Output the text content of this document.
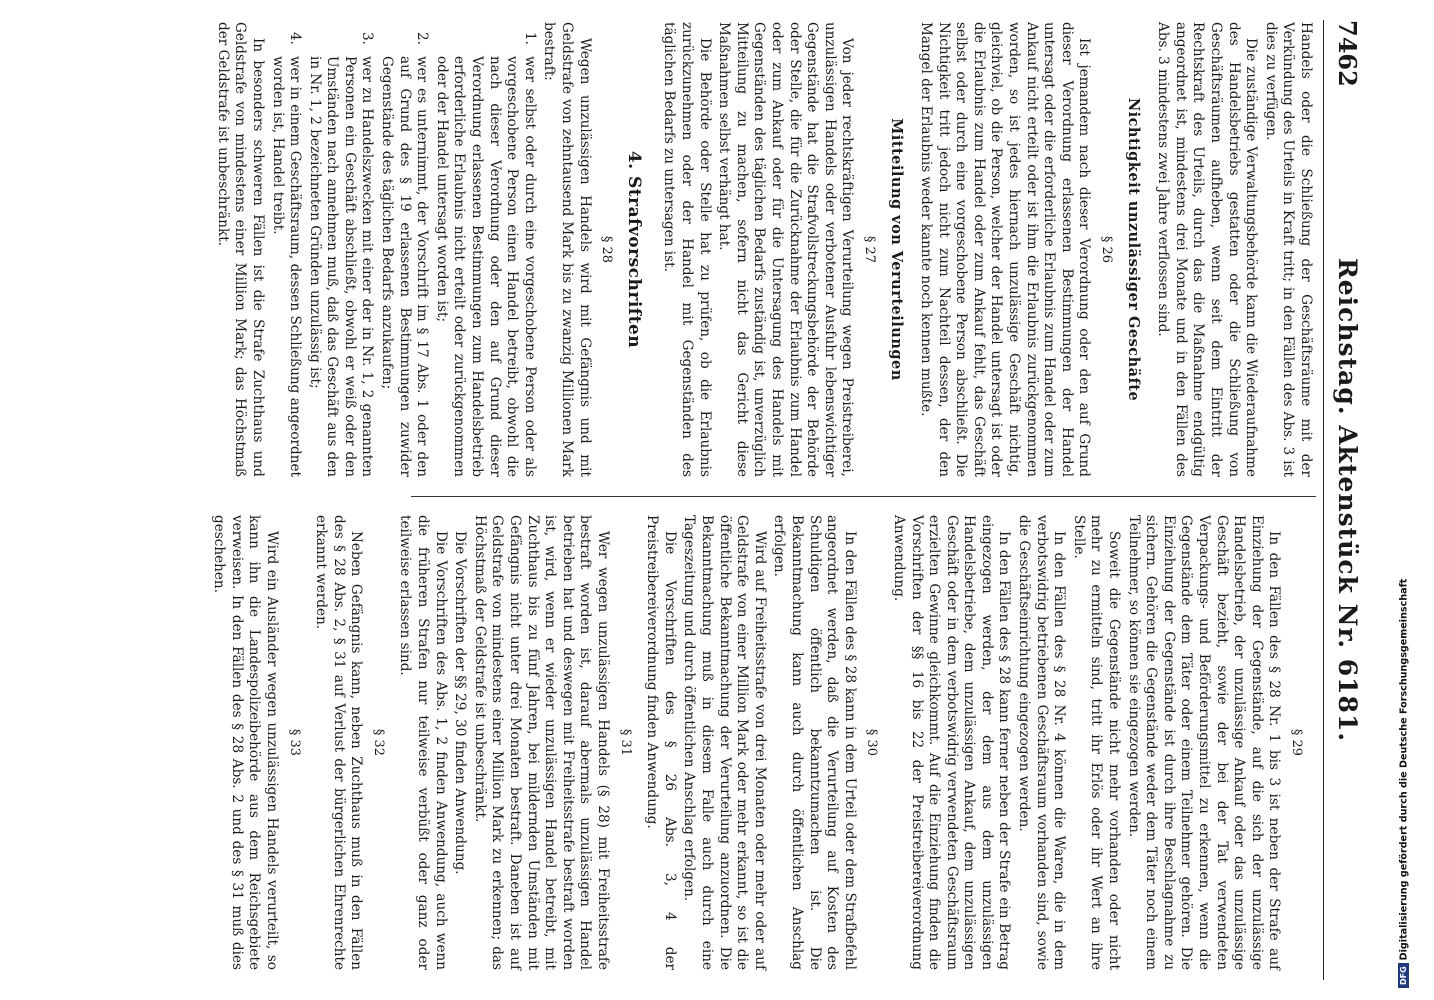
7462
Reichstag. Aktenstück Nr. 6181.

Handels oder die Schließung der Geschäftsräume mit der Verkündung des Urteils in Kraft tritt; in den Fällen des Abs. 3 ist dies zu verfügen.

Die zuständige Verwaltungsbehörde kann die Wiederaufnahme des Handelsbetriebs gestatten oder die Schließung von Geschäftsräumen aufheben, wenn seit dem Eintritt der Rechtskraft des Urteils, durch das die Maßnahme endgültig angeordnet ist, mindestens drei Monate und in den Fällen des Abs. 3 mindestens zwei Jahre verflossen sind.

Nichtigkeit unzulässiger Geschäfte
§ 26

Ist jemandem nach dieser Verordnung oder den auf Grund dieser Verordnung erlassenen Bestimmungen der Handel untersagt oder die erforderliche Erlaubnis zum Handel oder zum Ankauf nicht erteilt oder ist ihm die Erlaubnis zurückgenommen worden, so ist jedes hiernach unzulässige Geschäft nichtig, gleichviel, ob die Person, welcher der Handel untersagt ist oder die Erlaubnis zum Handel oder zum Ankauf fehlt, das Geschäft selbst oder durch eine vorgeschobene Person abschließt. Die Nichtigkeit tritt jedoch nicht zum Nachteil dessen, der den Mangel der Erlaubnis weder kannte noch kennen mußte.

Mitteilung von Verurteilungen
§ 27

Von jeder rechtskräftigen Verurteilung wegen Preistreiberei, unzulässigen Handels oder verbotener Ausfuhr lebenswichtiger Gegenstände hat die Strafvollstreckungsbehörde der Behörde oder Stelle, die für die Zurücknahme der Erlaubnis zum Handel oder zum Ankauf oder für die Untersagung des Handels mit Gegenständen des täglichen Bedarfs zuständig ist, unverzüglich Mitteilung zu machen, sofern nicht das Gericht diese Maßnahmen selbst verhängt hat.

Die Behörde oder Stelle hat zu prüfen, ob die Erlaubnis zurückzunehmen oder der Handel mit Gegenständen des täglichen Bedarfs zu untersagen ist.

4. Strafvorschriften
§ 28

Wegen unzulässigen Handels wird mit Gefängnis und mit Geldstrafe von zehntausend Mark bis zu zwanzig Millionen Mark bestraft:

1.
wer selbst oder durch eine vorgeschobene Person oder als vorgeschobene Person einen Handel betreibt, obwohl die nach dieser Verordnung oder den auf Grund dieser Verordnung erlassenen Bestimmungen zum Handelsbetrieb erforderliche Erlaubnis nicht erteilt oder zurückgenommen oder der Handel untersagt worden ist;
2.
wer es unternimmt, der Vorschrift im § 17 Abs. 1 oder den auf Grund des § 19 erlassenen Bestimmungen zuwider Gegenstände des täglichen Bedarfs anzukaufen;
3.
wer zu Handelszwecken mit einer der in Nr. 1, 2 genannten Personen ein Geschäft abschließt, obwohl er weiß oder den Umständen nach annehmen muß, daß das Geschäft aus den in Nr. 1, 2 bezeichneten Gründen unzulässig ist;
4.
wer in einem Geschäftsraum, dessen Schließung angeordnet worden ist, Handel treibt.

In besonders schweren Fällen ist die Strafe Zuchthaus und Geldstrafe von mindestens einer Million Mark; das Höchstmaß der Geldstrafe ist unbeschränkt.

§ 29

In den Fällen des § 28 Nr. 1 bis 3 ist neben der Strafe auf Einziehung der Gegenstände, auf die sich der unzulässige Handelsbetrieb, der unzulässige Ankauf oder das unzulässige Geschäft bezieht, sowie der bei der Tat verwendeten Verpackungs- und Beförderungsmittel zu erkennen, wenn die Gegenstände dem Täter oder einem Teilnehmer gehören. Die Einziehung der Gegenstände ist durch ihre Beschlagnahme zu sichern. Gehören die Gegenstände weder dem Täter noch einem Teilnehmer, so können sie eingezogen werden.

Soweit die Gegenstände nicht mehr vorhanden oder nicht mehr zu ermitteln sind, tritt ihr Erlös oder ihr Wert an ihre Stelle.

In den Fällen des § 28 Nr. 4 können die Waren, die in dem verbotswidrig betriebenen Geschäftsraum vorhanden sind, sowie die Geschäftseinrichtung eingezogen werden.

In den Fällen des § 28 kann ferner neben der Strafe ein Betrag eingezogen werden, der dem aus dem unzulässigen Handelsbetriebe, dem unzulässigen Ankauf, dem unzulässigen Geschäft oder in dem verbotswidrig verwendeten Geschäftsraum erzielten Gewinne gleichkommt. Auf die Einziehung finden die Vorschriften der §§ 16 bis 22 der Preistreibereiverordnung Anwendung.

§ 30

In den Fällen des § 28 kann in dem Urteil oder dem Strafbefehl angeordnet werden, daß die Verurteilung auf Kosten des Schuldigen öffentlich bekanntzumachen ist. Die Bekanntmachung kann auch durch öffentlichen Anschlag erfolgen.

Wird auf Freiheitsstrafe von drei Monaten oder mehr oder auf Geldstrafe von einer Million Mark oder mehr erkannt, so ist die öffentliche Bekanntmachung der Verurteilung anzuordnen. Die Bekanntmachung muß in diesem Falle auch durch eine Tageszeitung und durch öffentlichen Anschlag erfolgen.

Die Vorschriften des § 26 Abs. 3, 4 der Preistreibereiverordnung finden Anwendung.

§ 31

Wer wegen unzulässigen Handels (§ 28) mit Freiheitsstrafe bestraft worden ist, darauf abermals unzulässigen Handel betrieben hat und deswegen mit Freiheitsstrafe bestraft worden ist, wird, wenn er wieder unzulässigen Handel betreibt, mit Zuchthaus bis zu fünf Jahren, bei mildernden Umständen mit Gefängnis nicht unter drei Monaten bestraft. Daneben ist auf Geldstrafe von mindestens einer Million Mark zu erkennen; das Höchstmaß der Geldstrafe ist unbeschränkt.

Die Vorschriften der §§ 29, 30 finden Anwendung.

Die Vorschriften des Abs. 1, 2 finden Anwendung, auch wenn die früheren Strafen nur teilweise verbüßt oder ganz oder teilweise erlassen sind.

§ 32

Neben Gefängnis kann, neben Zuchthaus muß in den Fällen des § 28 Abs. 2, § 31 auf Verlust der bürgerlichen Ehrenrechte erkannt werden.

§ 33

Wird ein Ausländer wegen unzulässigen Handels verurteilt, so kann ihn die Landespolizeibehörde aus dem Reichsgebiete verweisen. In den Fällen des § 28 Abs. 2 und des § 31 muß dies geschehen.

DFGDigitalisierung gefördert durch die Deutsche Forschungsgemeinschaft
